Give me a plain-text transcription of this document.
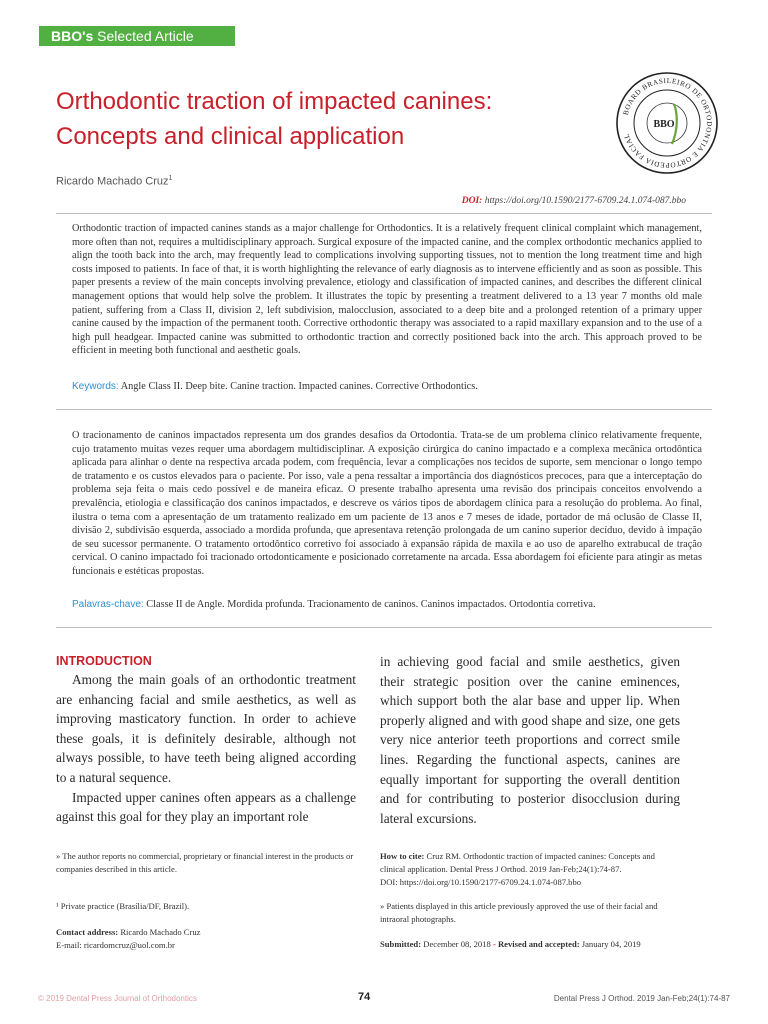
BBO's Selected Article
Orthodontic traction of impacted canines:
Concepts and clinical application
BOARD BRASILEIRO DE ORTODONTIA E ORTOPEDIA FACIAL
BBO
Ricardo Machado Cruz$^1$
DOI: https://doi.org/10.1590/2177-6709.24.1.074-087.bbo
Orthodontic traction of impacted canines stands as a major challenge for Orthodontics. It is a relatively frequent clinical complaint which management, more often than not, requires a multidisciplinary approach. Surgical exposure of the impacted canine, and the complex orthodontic mechanics applied to align the tooth back into the arch, may frequently lead to complications involving supporting tissues, not to mention the long treatment time and high costs imposed to patients. In face of that, it is worth highlighting the relevance of early diagnosis as to intervene efficiently and as soon as possible. This paper presents a review of the main concepts involving prevalence, etiology and classification of impacted canines, and describes the different clinical management options that would help solve the problem. It illustrates the topic by presenting a treatment delivered to a 13 year 7 months old male patient, suffering from a Class II, division 2, left subdivision, malocclusion, associated to a deep bite and a prolonged retention of a primary upper canine caused by the impaction of the permanent tooth. Corrective orthodontic therapy was associated to a rapid maxillary expansion and to the use of a high pull headgear. Impacted canine was submitted to orthodontic traction and correctly positioned back into the arch. This approach proved to be efficient in meeting both functional and aesthetic goals.
Keywords: Angle Class II. Deep bite. Canine traction. Impacted canines. Corrective Orthodontics.
O tracionamento de caninos impactados representa um dos grandes desafios da Ortodontia. Trata-se de um problema clínico relativamente frequente, cujo tratamento muitas vezes requer uma abordagem multidisciplinar. A exposição cirúrgica do canino impactado e a complexa mecânica ortodôntica aplicada para alinhar o dente na respectiva arcada podem, com frequência, levar a complicações nos tecidos de suporte, sem mencionar o longo tempo de tratamento e os custos elevados para o paciente. Por isso, vale a pena ressaltar a importância dos diagnósticos precoces, para que a interceptação do problema seja feita o mais cedo possível e de maneira eficaz. O presente trabalho apresenta uma revisão dos principais conceitos envolvendo a prevalência, etiologia e classificação dos caninos impactados, e descreve os vários tipos de abordagem clínica para a resolução do problema. Ao final, ilustra o tema com a apresentação de um tratamento realizado em um paciente de 13 anos e 7 meses de idade, portador de má oclusão de Classe II, divisão 2, subdivisão esquerda, associado a mordida profunda, que apresentava retenção prolongada de um canino superior decíduo, devido à impação de seu sucessor permanente. O tratamento ortodôntico corretivo foi associado à expansão rápida de maxila e ao uso de aparelho extrabucal de tração cervical. O canino impactado foi tracionado ortodonticamente e posicionado corretamente na arcada. Essa abordagem foi eficiente para atingir as metas funcionais e estéticas propostas.
Palavras-chave: Classe II de Angle. Mordida profunda. Tracionamento de caninos. Caninos impactados. Ortodontia corretiva.
INTRODUCTION

Among the main goals of an orthodontic treatment are enhancing facial and smile aesthetics, as well as improving masticatory function. In order to achieve these goals, it is definitely desirable, although not always possible, to have teeth being aligned according to a natural sequence.

Impacted upper canines often appears as a challenge against this goal for they play an important role

in achieving good facial and smile aesthetics, given their strategic position over the canine eminences, which support both the alar base and upper lip. When properly aligned and with good shape and size, one gets very nice anterior teeth proportions and correct smile lines. Regarding the functional aspects, canines are equally important for supporting the overall dentition and for contributing to posterior disocclusion during lateral excursions.

» The author reports no commercial, proprietary or financial interest in the products or companies described in this article.
¹ Private practice (Brasília/DF, Brazil).
Contact address: Ricardo Machado Cruz
E-mail: ricardomcruz@uol.com.br
How to cite: Cruz RM. Orthodontic traction of impacted canines: Concepts and clinical application. Dental Press J Orthod. 2019 Jan-Feb;24(1):74-87.
DOI: https://doi.org/10.1590/2177-6709.24.1.074-087.bbo
» Patients displayed in this article previously approved the use of their facial and intraoral photographs.
Submitted: December 08, 2018 - Revised and accepted: January 04, 2019
© 2019 Dental Press Journal of Orthodontics	74	Dental Press J Orthod. 2019 Jan-Feb;24(1):74-87
